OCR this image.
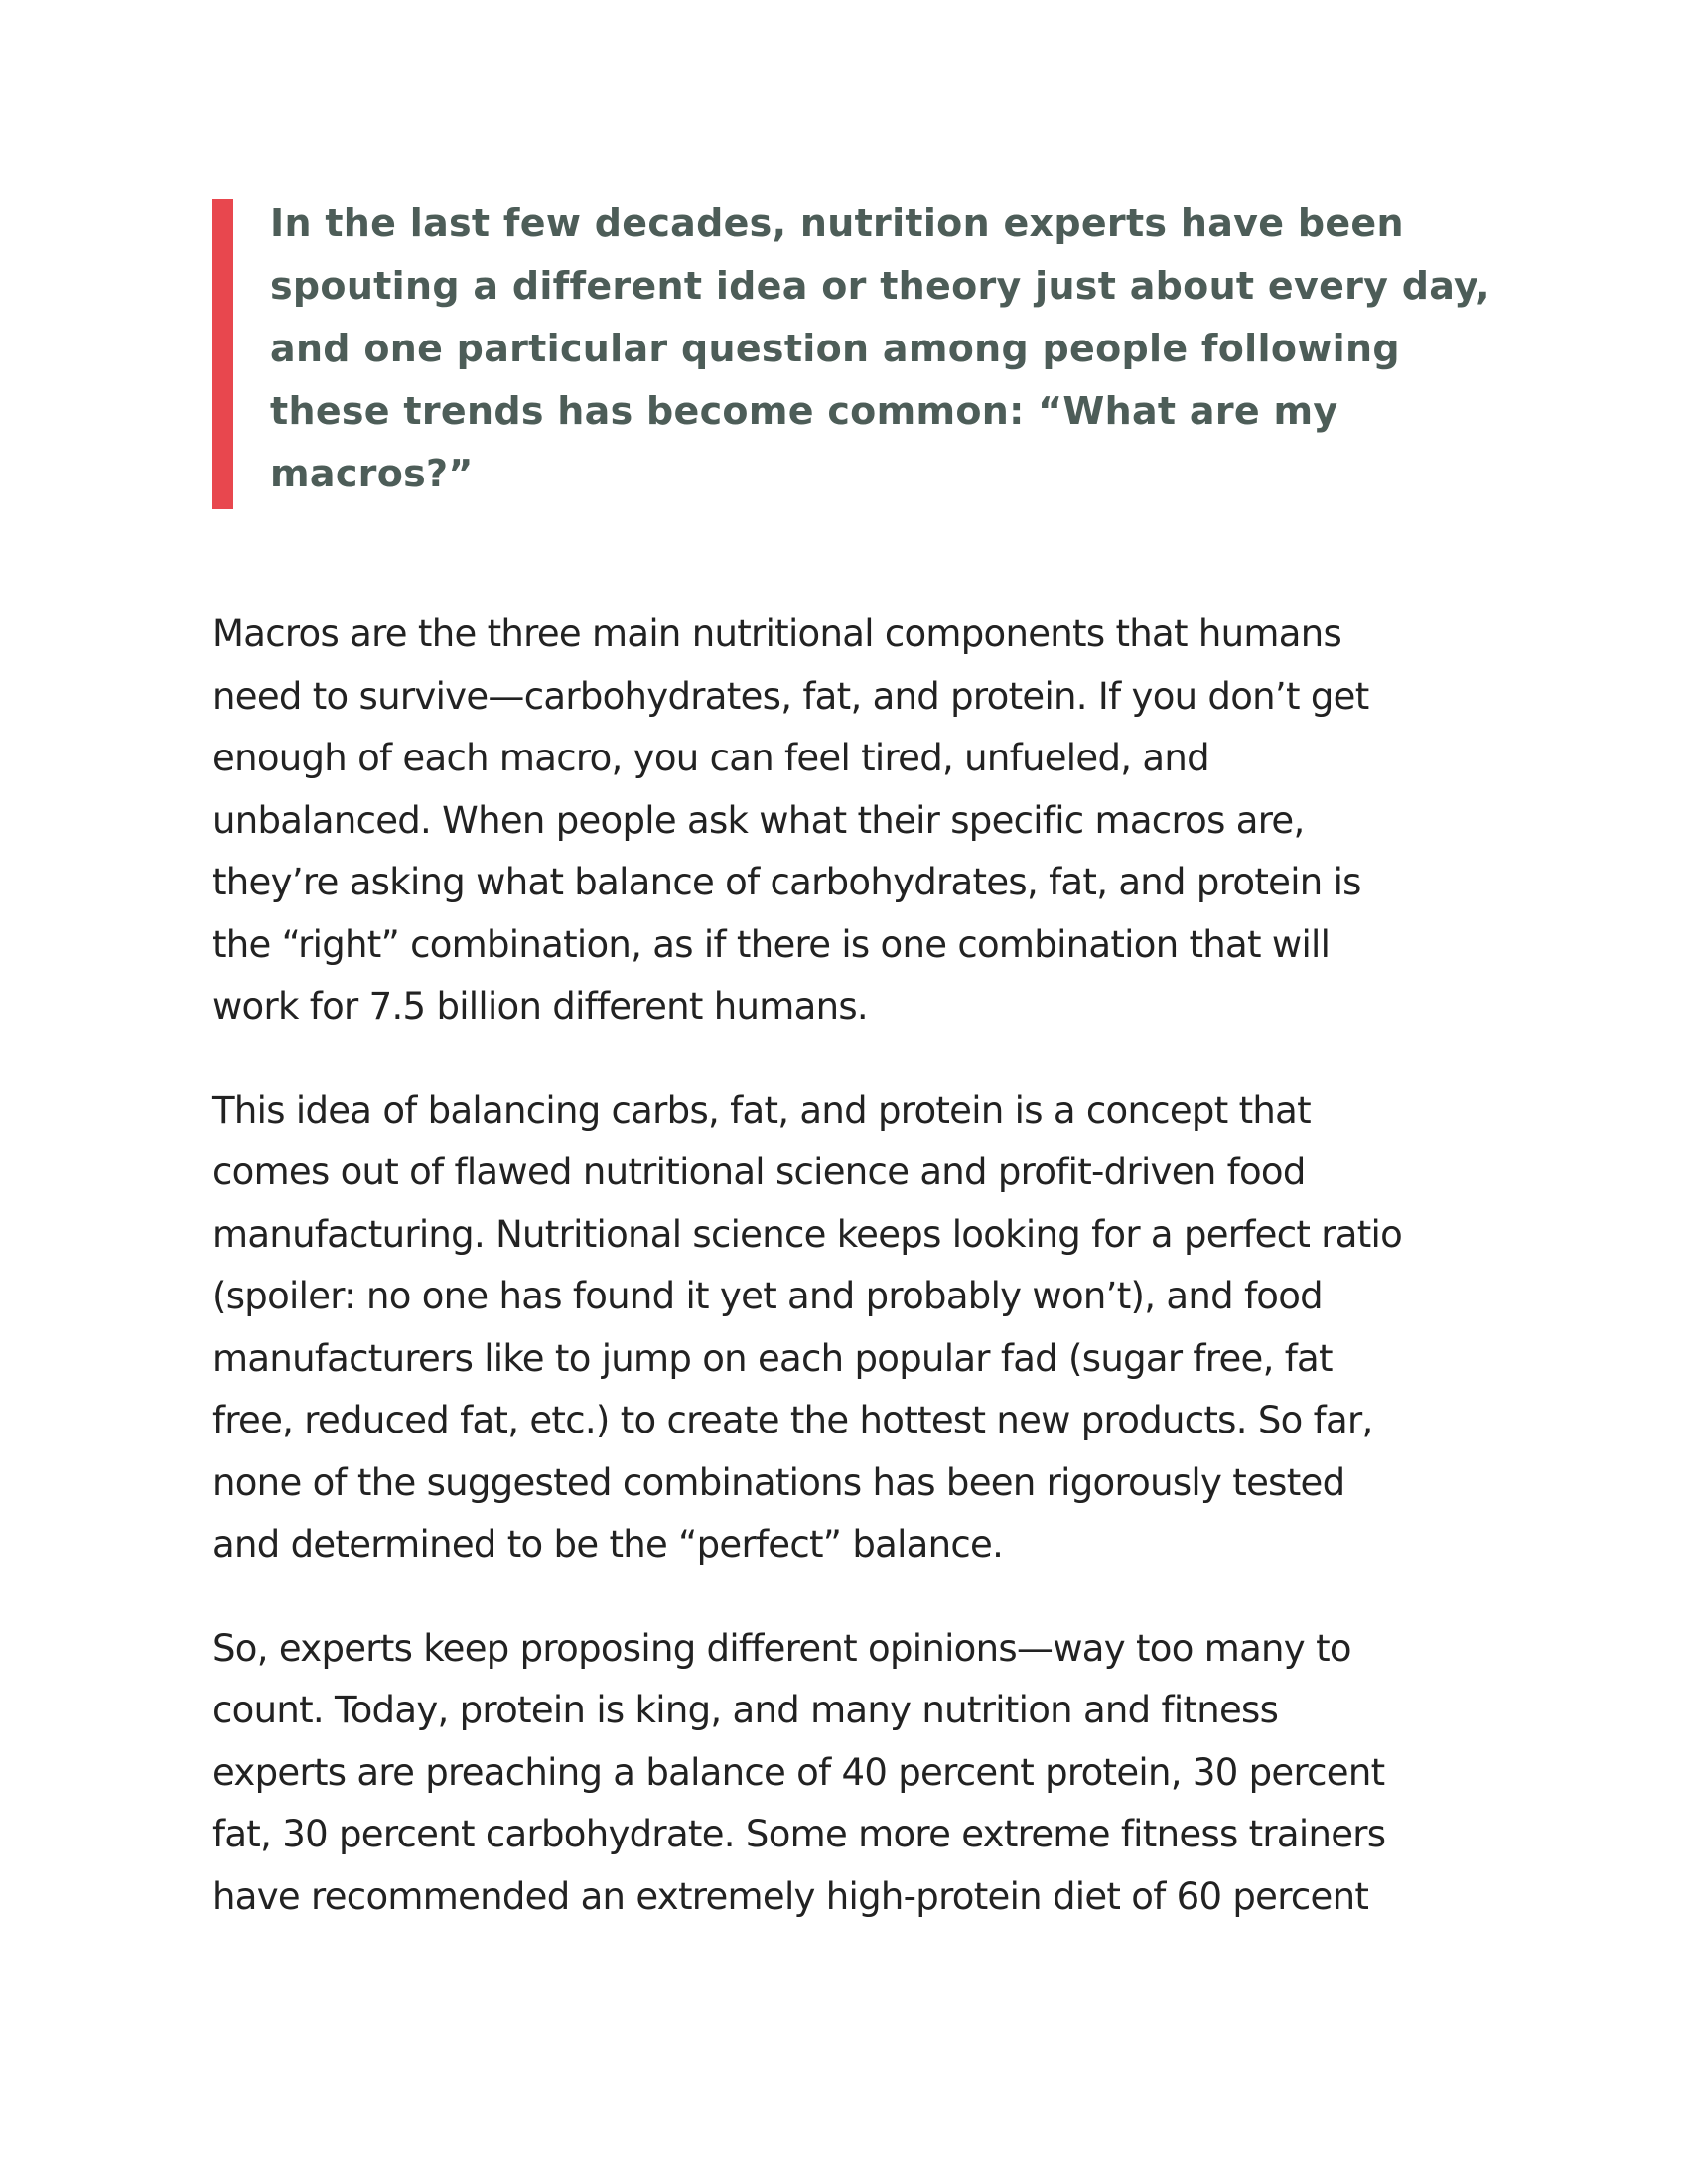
In the last few decades, nutrition experts have been
spouting a different idea or theory just about every day,
and one particular question among people following
these trends has become common: “What are my
macros?”

Macros are the three main nutritional components that humans
need to survive—carbohydrates, fat, and protein. If you don’t get
enough of each macro, you can feel tired, unfueled, and
unbalanced. When people ask what their specific macros are,
they’re asking what balance of carbohydrates, fat, and protein is
the “right” combination, as if there is one combination that will
work for 7.5 billion different humans.

This idea of balancing carbs, fat, and protein is a concept that
comes out of flawed nutritional science and profit-driven food
manufacturing. Nutritional science keeps looking for a perfect ratio
(spoiler: no one has found it yet and probably won’t), and food
manufacturers like to jump on each popular fad (sugar free, fat
free, reduced fat, etc.) to create the hottest new products. So far,
none of the suggested combinations has been rigorously tested
and determined to be the “perfect” balance.

So, experts keep proposing different opinions—way too many to
count. Today, protein is king, and many nutrition and fitness
experts are preaching a balance of 40 percent protein, 30 percent
fat, 30 percent carbohydrate. Some more extreme fitness trainers
have recommended an extremely high-protein diet of 60 percent
